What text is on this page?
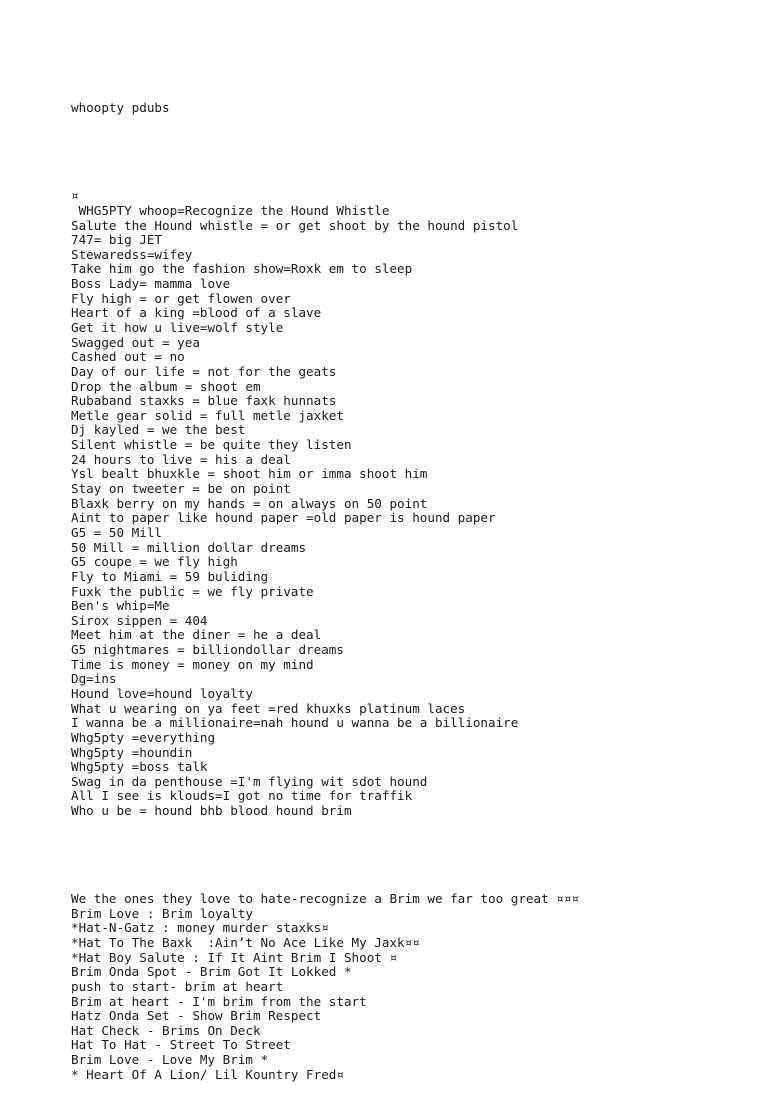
whoopty pdubs

¤
WHG5PTY whoop=Recognize the Hound Whistle
Salute the Hound whistle = or get shoot by the hound pistol
747= big JET
Stewaredss=wifey
Take him go the fashion show=Roxk em to sleep
Boss Lady= mamma love
Fly high = or get flowen over
Heart of a king =blood of a slave
Get it how u live=wolf style
Swagged out = yea
Cashed out = no
Day of our life = not for the geats
Drop the album = shoot em
Rubaband staxks = blue faxk hunnats
Metle gear solid = full metle jaxket
Dj kayled = we the best
Silent whistle = be quite they listen
24 hours to live = his a deal
Ysl bealt bhuxkle = shoot him or imma shoot him
Stay on tweeter = be on point
Blaxk berry on my hands = on always on 50 point
Aint to paper like hound paper =old paper is hound paper
G5 = 50 Mill
50 Mill = million dollar dreams
G5 coupe = we fly high
Fly to Miami = 59 buliding
Fuxk the public = we fly private
Ben's whip=Me
Sirox sippen = 404
Meet him at the diner = he a deal
G5 nightmares = billiondollar dreams
Time is money = money on my mind
Dg=ins
Hound love=hound loyalty
What u wearing on ya feet =red khuxks platinum laces
I wanna be a millionaire=nah hound u wanna be a billionaire
Whg5pty =everything
Whg5pty =houndin
Whg5pty =boss talk
Swag in da penthouse =I'm flying wit sdot hound
All I see is klouds=I got no time for traffik
Who u be = hound bhb blood hound brim

We the ones they love to hate-recognize a Brim we far too great ¤¤¤
Brim Love : Brim loyalty
*Hat-N-Gatz : money murder staxks¤
*Hat To The Baxk  :Ain’t No Ace Like My Jaxk¤¤
*Hat Boy Salute : If It Aint Brim I Shoot ¤
Brim Onda Spot - Brim Got It Lokked *
push to start- brim at heart
Brim at heart - I'm brim from the start
Hatz Onda Set - Show Brim Respect
Hat Check - Brims On Deck
Hat To Hat - Street To Street
Brim Love - Love My Brim *
* Heart Of A Lion/ Lil Kountry Fred¤
